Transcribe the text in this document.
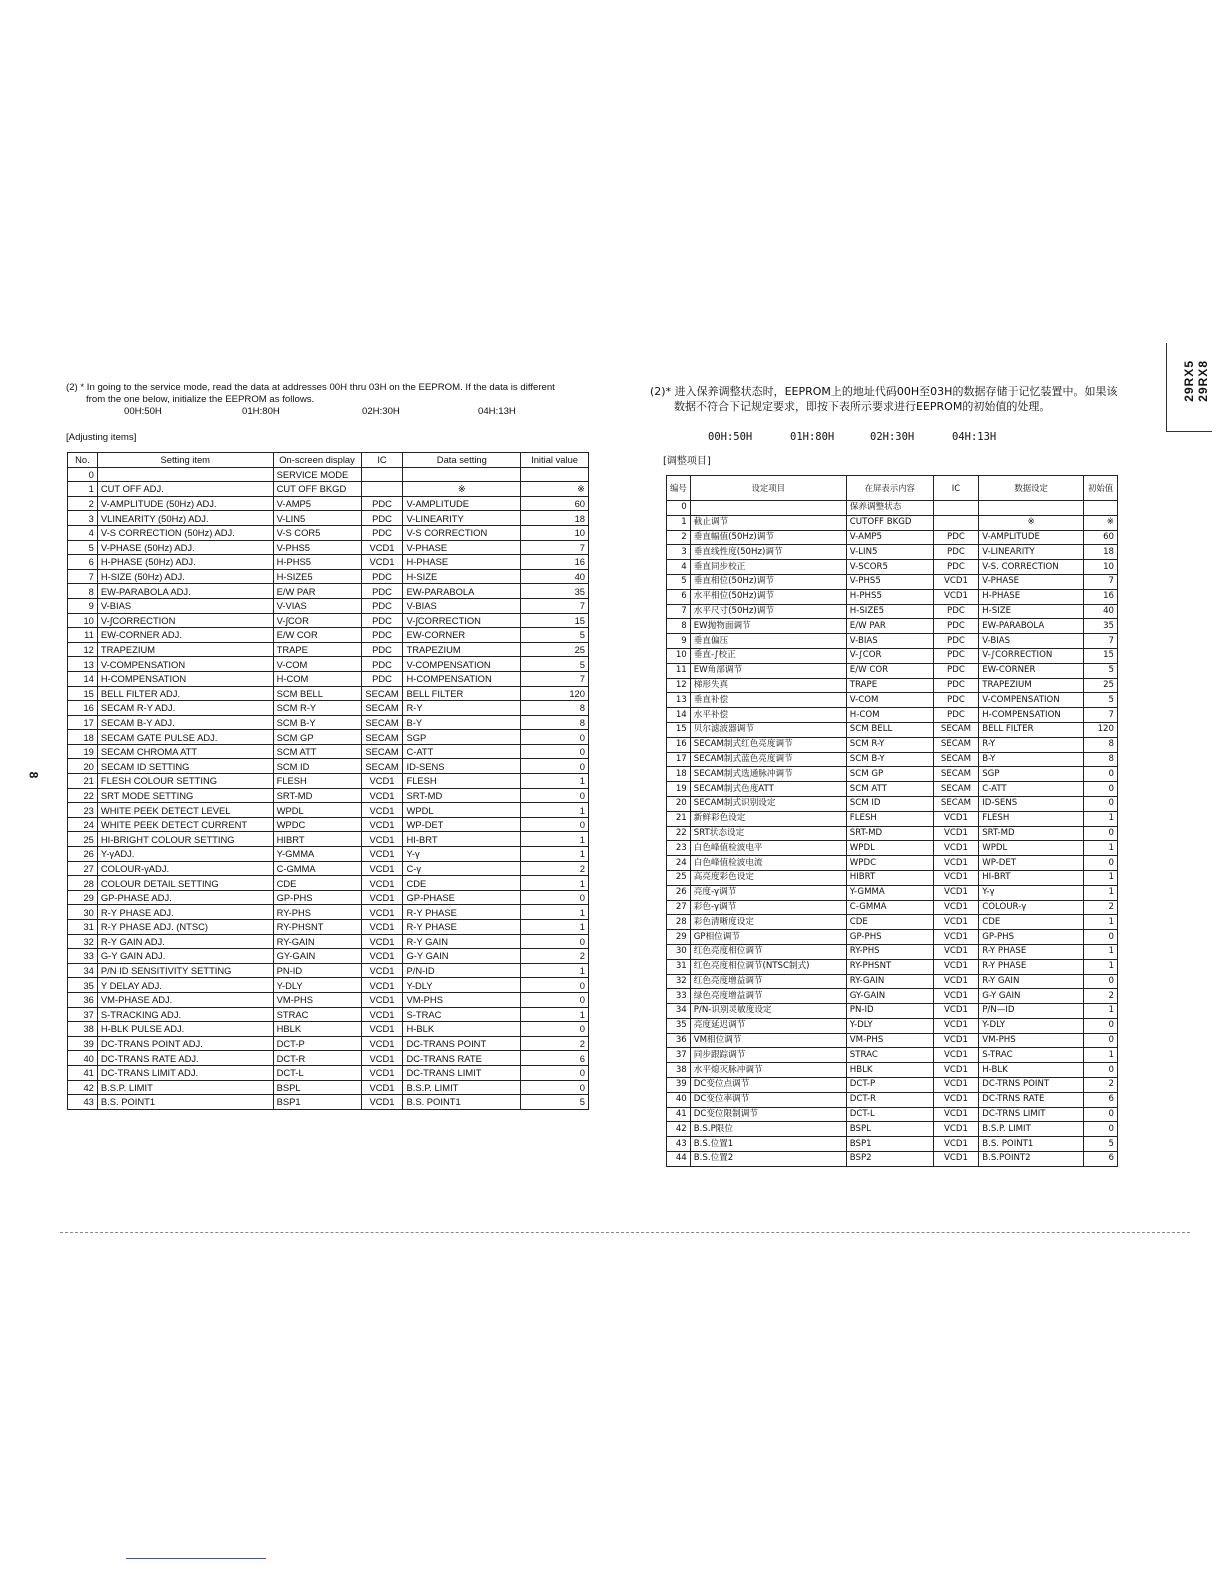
(2) * In going to the service mode, read the data at addresses 00H thru 03H on the EEPROM. If the data is different
from the one below, initialize the EEPROM as follows.
00H:50H	01H:80H	02H:30H	04H:13H
[Adjusting items]
No.	Setting item	On-screen display	IC	Data setting	Initial value
0		SERVICE MODE			
1	CUT OFF ADJ.	CUT OFF BKGD		※	※
2	V-AMPLITUDE (50Hz) ADJ.	V-AMP5	PDC	V-AMPLITUDE	60
3	VLINEARITY (50Hz) ADJ.	V-LIN5	PDC	V-LINEARITY	18
4	V-S CORRECTION (50Hz) ADJ.	V-S COR5	PDC	V-S CORRECTION	10
5	V-PHASE (50Hz) ADJ.	V-PHS5	VCD1	V-PHASE	7
6	H-PHASE (50Hz) ADJ.	H-PHS5	VCD1	H-PHASE	16
7	H-SIZE (50Hz) ADJ.	H-SIZE5	PDC	H-SIZE	40
8	EW-PARABOLA ADJ.	E/W PAR	PDC	EW-PARABOLA	35
9	V-BIAS	V-VIAS	PDC	V-BIAS	7
10	V-∫CORRECTION	V-∫COR	PDC	V-∫CORRECTION	15
11	EW-CORNER ADJ.	E/W COR	PDC	EW-CORNER	5
12	TRAPEZIUM	TRAPE	PDC	TRAPEZIUM	25
13	V-COMPENSATION	V-COM	PDC	V-COMPENSATION	5
14	H-COMPENSATION	H-COM	PDC	H-COMPENSATION	7
15	BELL FILTER ADJ.	SCM BELL	SECAM	BELL FILTER	120
16	SECAM R-Y ADJ.	SCM R-Y	SECAM	R-Y	8
17	SECAM B-Y ADJ.	SCM B-Y	SECAM	B-Y	8
18	SECAM GATE PULSE ADJ.	SCM GP	SECAM	SGP	0
19	SECAM CHROMA ATT	SCM ATT	SECAM	C-ATT	0
20	SECAM ID SETTING	SCM ID	SECAM	ID-SENS	0
21	FLESH COLOUR SETTING	FLESH	VCD1	FLESH	1
22	SRT MODE SETTING	SRT-MD	VCD1	SRT-MD	0
23	WHITE PEEK DETECT LEVEL	WPDL	VCD1	WPDL	1
24	WHITE PEEK DETECT CURRENT	WPDC	VCD1	WP-DET	0
25	HI-BRIGHT COLOUR SETTING	HIBRT	VCD1	HI-BRT	1
26	Y-γADJ.	Y-GMMA	VCD1	Y-γ	1
27	COLOUR-γADJ.	C-GMMA	VCD1	C-γ	2
28	COLOUR DETAIL SETTING	CDE	VCD1	CDE	1
29	GP-PHASE ADJ.	GP-PHS	VCD1	GP-PHASE	0
30	R-Y PHASE ADJ.	RY-PHS	VCD1	R-Y PHASE	1
31	R-Y PHASE ADJ. (NTSC)	RY-PHSNT	VCD1	R-Y PHASE	1
32	R-Y GAIN ADJ.	RY-GAIN	VCD1	R-Y GAIN	0
33	G-Y GAIN ADJ.	GY-GAIN	VCD1	G-Y GAIN	2
34	P/N ID SENSITIVITY SETTING	PN-ID	VCD1	P/N-ID	1
35	Y DELAY ADJ.	Y-DLY	VCD1	Y-DLY	0
36	VM-PHASE ADJ.	VM-PHS	VCD1	VM-PHS	0
37	S-TRACKING ADJ.	STRAC	VCD1	S-TRAC	1
38	H-BLK PULSE ADJ.	HBLK	VCD1	H-BLK	0
39	DC-TRANS POINT ADJ.	DCT-P	VCD1	DC-TRANS POINT	2
40	DC-TRANS RATE ADJ.	DCT-R	VCD1	DC-TRANS RATE	6
41	DC-TRANS LIMIT ADJ.	DCT-L	VCD1	DC-TRANS LIMIT	0
42	B.S.P. LIMIT	BSPL	VCD1	B.S.P. LIMIT	0
43	B.S. POINT1	BSP1	VCD1	B.S. POINT1	5
(2)* 进入保养调整状态时，EEPROM上的地址代码00H至03H的数据存储于记忆装置中。如果该
数据不符合下记规定要求，即按下表所示要求进行EEPROM的初始值的处理。
00H:50H	01H:80H	02H:30H	04H:13H
[调整项目]
编号	设定项目	在屏表示内容	IC	数据设定	初始值
0		保养调整状态			
1	截止调节	CUTOFF BKGD		※	※
2	垂直幅值(50Hz)调节	V-AMP5	PDC	V-AMPLITUDE	60
3	垂直线性度(50Hz)调节	V-LIN5	PDC	V-LINEARITY	18
4	垂直同步校正	V-SCOR5	PDC	V-S. CORRECTION	10
5	垂直相位(50Hz)调节	V-PHS5	VCD1	V-PHASE	7
6	水平相位(50Hz)调节	H-PHS5	VCD1	H-PHASE	16
7	水平尺寸(50Hz)调节	H-SIZE5	PDC	H-SIZE	40
8	EW抛物面调节	E/W PAR	PDC	EW-PARABOLA	35
9	垂直偏压	V-BIAS	PDC	V-BIAS	7
10	垂直-∫校正	V-∫COR	PDC	V-∫CORRECTION	15
11	EW角部调节	E/W COR	PDC	EW-CORNER	5
12	梯形失真	TRAPE	PDC	TRAPEZIUM	25
13	垂直补偿	V-COM	PDC	V-COMPENSATION	5
14	水平补偿	H-COM	PDC	H-COMPENSATION	7
15	贝尔滤波器调节	SCM BELL	SECAM	BELL FILTER	120
16	SECAM制式红色亮度调节	SCM R-Y	SECAM	R-Y	8
17	SECAM制式蓝色亮度调节	SCM B-Y	SECAM	B-Y	8
18	SECAM制式选通脉冲调节	SCM GP	SECAM	SGP	0
19	SECAM制式色度ATT	SCM ATT	SECAM	C-ATT	0
20	SECAM制式识别设定	SCM ID	SECAM	ID-SENS	0
21	新鲜彩色设定	FLESH	VCD1	FLESH	1
22	SRT状态设定	SRT-MD	VCD1	SRT-MD	0
23	白色峰值检波电平	WPDL	VCD1	WPDL	1
24	白色峰值检波电流	WPDC	VCD1	WP-DET	0
25	高亮度彩色设定	HIBRT	VCD1	HI-BRT	1
26	亮度-γ调节	Y-GMMA	VCD1	Y-γ	1
27	彩色-γ调节	C-GMMA	VCD1	COLOUR-γ	2
28	彩色清晰度设定	CDE	VCD1	CDE	1
29	GP相位调节	GP-PHS	VCD1	GP-PHS	0
30	红色亮度相位调节	RY-PHS	VCD1	R-Y PHASE	1
31	红色亮度相位调节(NTSC制式)	RY-PHSNT	VCD1	R-Y PHASE	1
32	红色亮度增益调节	RY-GAIN	VCD1	R-Y GAIN	0
33	绿色亮度增益调节	GY-GAIN	VCD1	G-Y GAIN	2
34	P/N-识别灵敏度设定	PN-ID	VCD1	P/N—ID	1
35	亮度延迟调节	Y-DLY	VCD1	Y-DLY	0
36	VM相位调节	VM-PHS	VCD1	VM-PHS	0
37	同步跟踪调节	STRAC	VCD1	S-TRAC	1
38	水平熄灭脉冲调节	HBLK	VCD1	H-BLK	0
39	DC变位点调节	DCT-P	VCD1	DC-TRNS POINT	2
40	DC变位率调节	DCT-R	VCD1	DC-TRNS RATE	6
41	DC变位限制调节	DCT-L	VCD1	DC-TRNS LIMIT	0
42	B.S.P限位	BSPL	VCD1	B.S.P. LIMIT	0
43	B.S.位置1	BSP1	VCD1	B.S. POINT1	5
44	B.S.位置2	BSP2	VCD1	B.S.POINT2	6
29RX5 29RX8
8
